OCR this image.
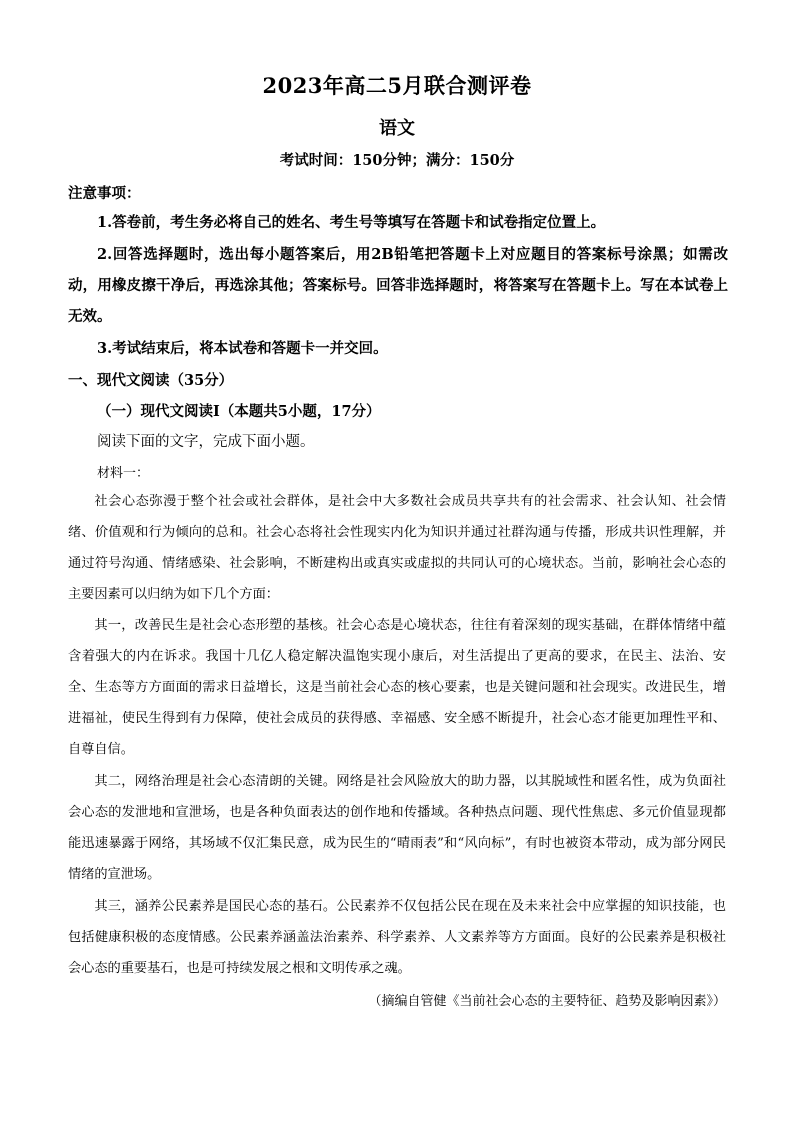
2023年高二5月联合测评卷
语文
考试时间：150分钟；满分：150分
注意事项：
1.答卷前，考生务必将自己的姓名、考生号等填写在答题卡和试卷指定位置上。
2.回答选择题时，选出每小题答案后，用2B铅笔把答题卡上对应题目的答案标号涂黑；如需改动，用橡皮擦干净后，再选涂其他；答案标号。回答非选择题时，将答案写在答题卡上。写在本试卷上无效。
3.考试结束后，将本试卷和答题卡一并交回。
一、现代文阅读（35分）
（一）现代文阅读Ⅰ（本题共5小题，17分）
阅读下面的文字，完成下面小题。
材料一：
社会心态弥漫于整个社会或社会群体，是社会中大多数社会成员共享共有的社会需求、社会认知、社会情绪、价值观和行为倾向的总和。社会心态将社会性现实内化为知识并通过社群沟通与传播，形成共识性理解，并通过符号沟通、情绪感染、社会影响，不断建构出或真实或虚拟的共同认可的心境状态。当前，影响社会心态的主要因素可以归纳为如下几个方面：
其一，改善民生是社会心态形塑的基核。社会心态是心境状态，往往有着深刻的现实基础，在群体情绪中蕴含着强大的内在诉求。我国十几亿人稳定解决温饱实现小康后，对生活提出了更高的要求，在民主、法治、安全、生态等方方面面的需求日益增长，这是当前社会心态的核心要素，也是关键问题和社会现实。改进民生，增进福祉，使民生得到有力保障，使社会成员的获得感、幸福感、安全感不断提升，社会心态才能更加理性平和、自尊自信。
其二，网络治理是社会心态清朗的关键。网络是社会风险放大的助力器，以其脱域性和匿名性，成为负面社会心态的发泄地和宣泄场，也是各种负面表达的创作地和传播域。各种热点问题、现代性焦虑、多元价值显现都能迅速暴露于网络，其场域不仅汇集民意，成为民生的“晴雨表”和“风向标”，有时也被资本带动，成为部分网民情绪的宣泄场。
其三，涵养公民素养是国民心态的基石。公民素养不仅包括公民在现在及未来社会中应掌握的知识技能，也包括健康积极的态度情感。公民素养涵盖法治素养、科学素养、人文素养等方方面面。良好的公民素养是积极社会心态的重要基石，也是可持续发展之根和文明传承之魂。
（摘编自管健《当前社会心态的主要特征、趋势及影响因素》）
